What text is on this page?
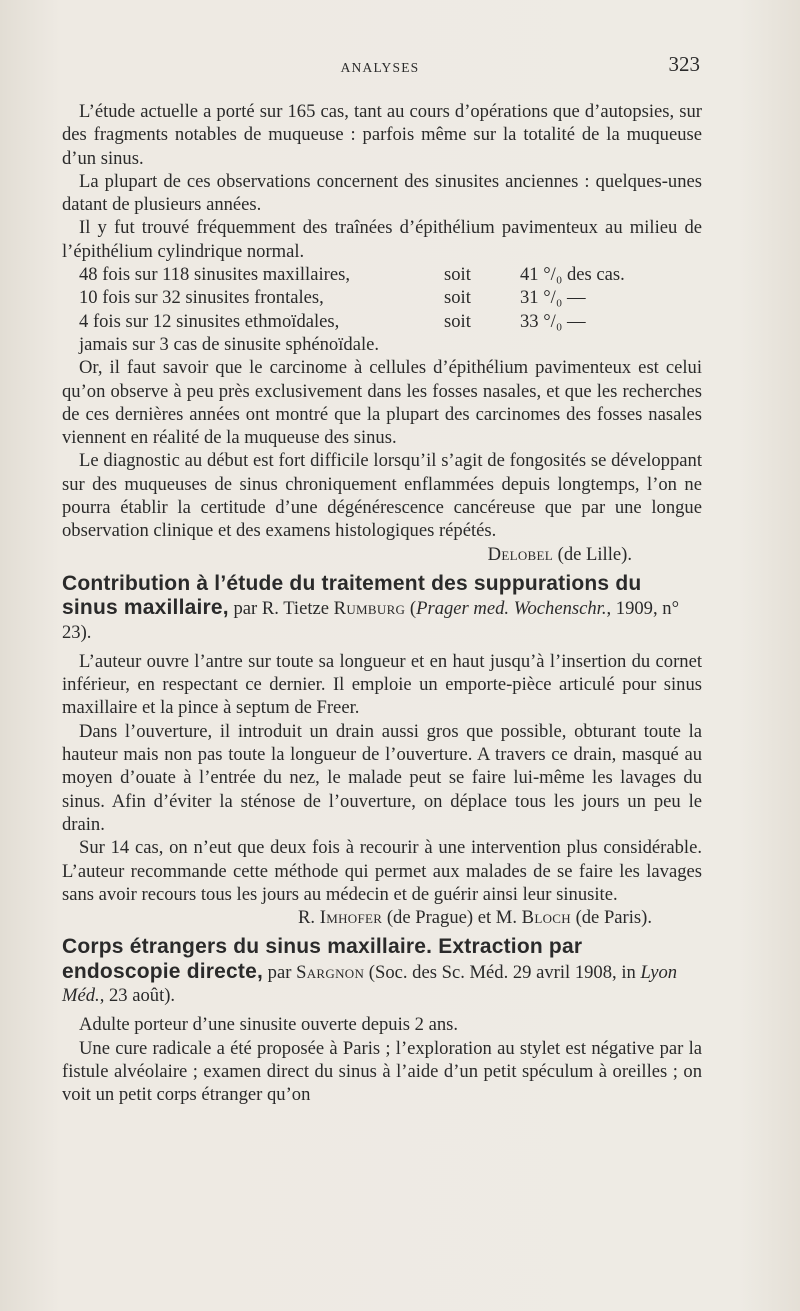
ANALYSES	323

L’étude actuelle a porté sur 165 cas, tant au cours d’opérations que d’autopsies, sur des fragments notables de muqueuse : parfois même sur la totalité de la muqueuse d’un sinus.

La plupart de ces observations concernent des sinusites anciennes : quelques-unes datant de plusieurs années.

Il y fut trouvé fréquemment des traînées d’épithélium pavimenteux au milieu de l’épithélium cylindrique normal.

48 fois sur 118 sinusites maxillaires,	soit	41 °/₀ des cas.
10 fois sur 32 sinusites frontales,	soit	31 °/₀ —
4 fois sur 12 sinusites ethmoïdales,	soit	33 °/₀ —

jamais sur 3 cas de sinusite sphénoïdale.

Or, il faut savoir que le carcinome à cellules d’épithélium pavimenteux est celui qu’on observe à peu près exclusivement dans les fosses nasales, et que les recherches de ces dernières années ont montré que la plupart des carcinomes des fosses nasales viennent en réalité de la muqueuse des sinus.

Le diagnostic au début est fort difficile lorsqu’il s’agit de fongosités se développant sur des muqueuses de sinus chroniquement enflammées depuis longtemps, l’on ne pourra établir la certitude d’une dégénérescence cancéreuse que par une longue observation clinique et des examens histologiques répétés.

Delobel (de Lille).
Contribution à l’étude du traitement des suppurations du sinus maxillaire, par R. Tietze Rumburg (Prager med. Wochenschr., 1909, n° 23).

L’auteur ouvre l’antre sur toute sa longueur et en haut jusqu’à l’insertion du cornet inférieur, en respectant ce dernier. Il emploie un emporte-pièce articulé pour sinus maxillaire et la pince à septum de Freer.

Dans l’ouverture, il introduit un drain aussi gros que possible, obturant toute la hauteur mais non pas toute la longueur de l’ouverture. A travers ce drain, masqué au moyen d’ouate à l’entrée du nez, le malade peut se faire lui-même les lavages du sinus. Afin d’éviter la sténose de l’ouverture, on déplace tous les jours un peu le drain.

Sur 14 cas, on n’eut que deux fois à recourir à une intervention plus considérable. L’auteur recommande cette méthode qui permet aux malades de se faire les lavages sans avoir recours tous les jours au médecin et de guérir ainsi leur sinusite.

R. Imhofer (de Prague) et M. Bloch (de Paris).
Corps étrangers du sinus maxillaire. Extraction par endoscopie directe, par Sargnon (Soc. des Sc. Méd. 29 avril 1908, in Lyon Méd., 23 août).

Adulte porteur d’une sinusite ouverte depuis 2 ans.

Une cure radicale a été proposée à Paris ; l’exploration au stylet est négative par la fistule alvéolaire ; examen direct du sinus à l’aide d’un petit spéculum à oreilles ; on voit un petit corps étranger qu’on
